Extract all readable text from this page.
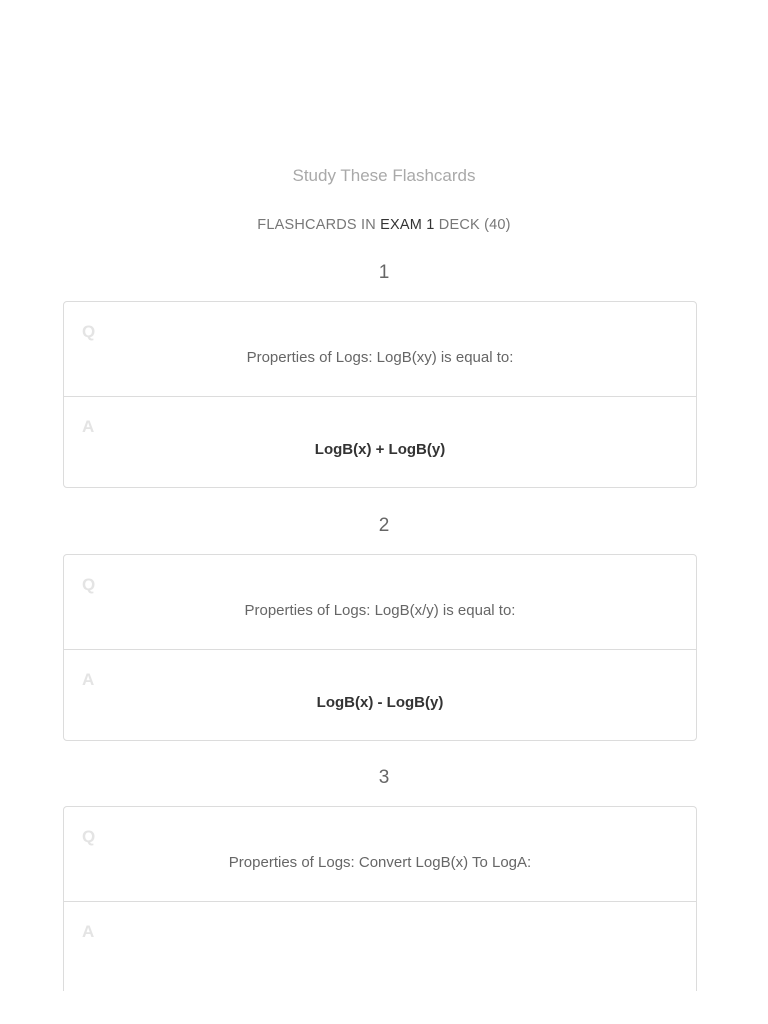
Study These Flashcards
FLASHCARDS IN EXAM 1 DECK (40)
1
Q
Properties of Logs: LogB(xy) is equal to:
A
LogB(x) + LogB(y)
2
Q
Properties of Logs: LogB(x/y) is equal to:
A
LogB(x) - LogB(y)
3
Q
Properties of Logs: Convert LogB(x) To LogA:
A
